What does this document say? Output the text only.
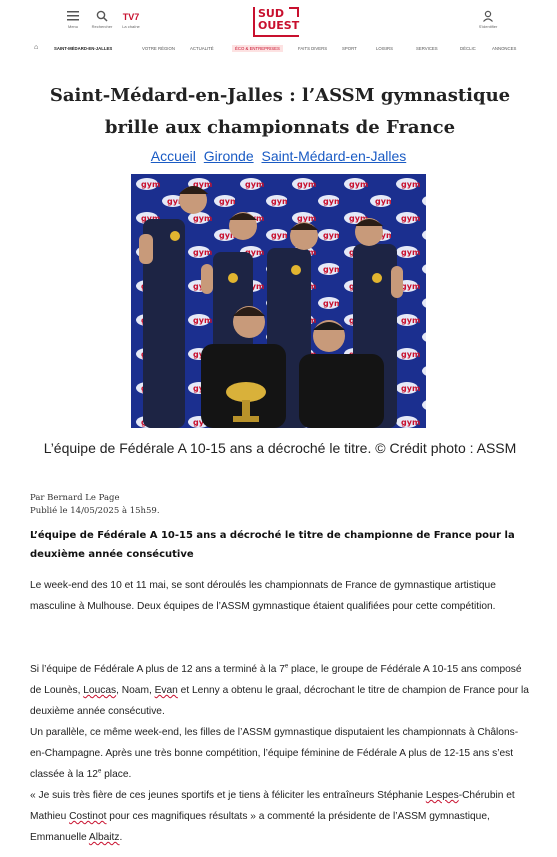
Menu	Rechercher
TV7
La chaîne
SUD
OUEST	S'identifier
⌂	SAINT-MÉDARD-EN-JALLES	VOTRE RÉGION	ACTUALITÉ	ÉCO & ENTREPRISES	FAITS DIVERS	SPORT	LOISIRS	SERVICES	DÉCLIC	ANNONCES
Saint-Médard-en-Jalles : l’ASSM gymnastique brille aux championnats de France
Accueil Gironde Saint-Médard-en-Jalles
L’équipe de Fédérale A 10-15 ans a décroché le titre. © Crédit photo : ASSM
Par Bernard Le Page
Publié le 14/05/2025 à 15h59.
L’équipe de Fédérale A 10-15 ans a décroché le titre de championne de France pour la deuxième année consécutive

Le week-end des 10 et 11 mai, se sont déroulés les championnats de France de gymnastique artistique masculine à Mulhouse. Deux équipes de l’ASSM gymnastique étaient qualifiées pour cette compétition.

Si l’équipe de Fédérale A plus de 12 ans a terminé à la 7e place, le groupe de Fédérale A 10-15 ans composé de Lounès, Loucas, Noam, Evan et Lenny a obtenu le graal, décrochant le titre de champion de France pour la deuxième année consécutive.

Un parallèle, ce même week-end, les filles de l’ASSM gymnastique disputaient les championnats à Châlons-en-Champagne. Après une très bonne compétition, l’équipe féminine de Fédérale A plus de 12-15 ans s’est classée à la 12e place.

« Je suis très fière de ces jeunes sportifs et je tiens à féliciter les entraîneurs Stéphanie Lespes-Chérubin et Mathieu Costinot pour ces magnifiques résultats » a commenté la présidente de l’ASSM gymnastique, Emmanuelle Albaitz.
